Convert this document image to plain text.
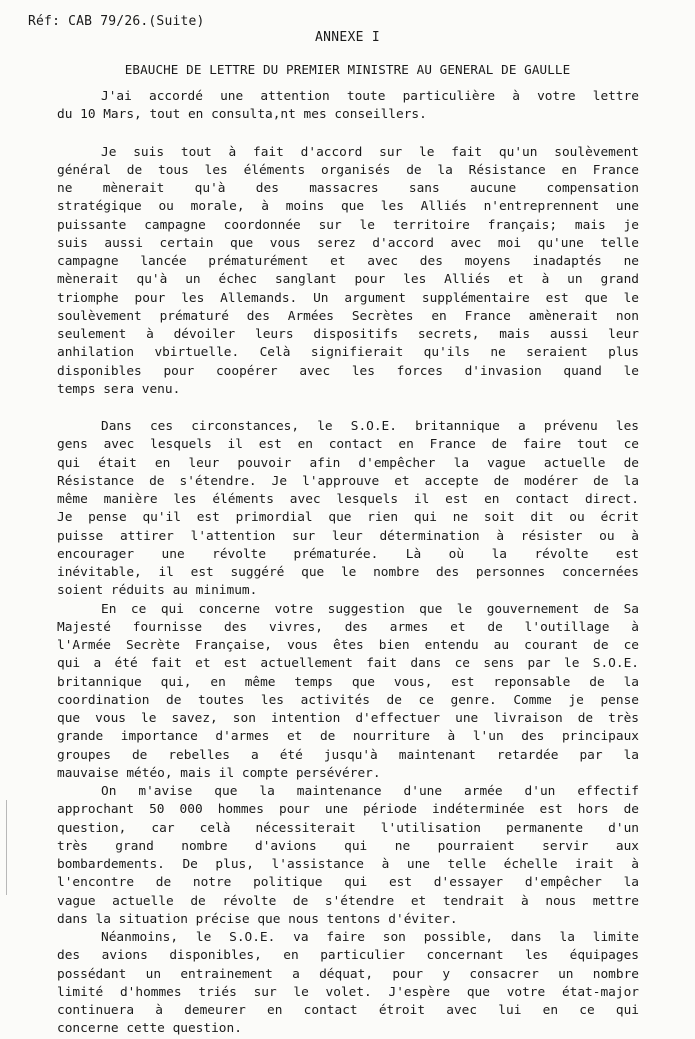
Réf: CAB 79/26.(Suite)
ANNEXE I
EBAUCHE DE LETTRE DU PREMIER MINISTRE AU GENERAL DE GAULLE
J'ai accordé une attention toute particulière à votre lettre
du 10 Mars, tout en consulta,nt mes conseillers.
Je suis tout à fait d'accord sur le fait qu'un soulèvement
général de tous les éléments organisés de la Résistance en France
ne mènerait qu'à des massacres sans aucune compensation
stratégique ou morale, à moins que les Alliés n'entreprennent une
puissante campagne coordonnée sur le territoire français; mais je
suis aussi certain que vous serez d'accord avec moi qu'une telle
campagne lancée prématurément et avec des moyens inadaptés ne
mènerait qu'à un échec sanglant pour les Alliés et à un grand
triomphe pour les Allemands. Un argument supplémentaire est que le
soulèvement prématuré des Armées Secrètes en France amènerait non
seulement à dévoiler leurs dispositifs secrets, mais aussi leur
anhilation vbirtuelle. Celà signifierait qu'ils ne seraient plus
disponibles pour coopérer avec les forces d'invasion quand le
temps sera venu.
Dans ces circonstances, le S.O.E. britannique a prévenu les
gens avec lesquels il est en contact en France de faire tout ce
qui était en leur pouvoir afin d'empêcher la vague actuelle de
Résistance de s'étendre. Je l'approuve et accepte de modérer de la
même manière les éléments avec lesquels il est en contact direct.
Je pense qu'il est primordial que rien qui ne soit dit ou écrit
puisse attirer l'attention sur leur détermination à résister ou à
encourager une révolte prématurée. Là où la révolte est
inévitable, il est suggéré que le nombre des personnes concernées
soient réduits au minimum.
En ce qui concerne votre suggestion que le gouvernement de Sa
Majesté fournisse des vivres, des armes et de l'outillage à
l'Armée Secrète Française, vous êtes bien entendu au courant de ce
qui a été fait et est actuellement fait dans ce sens par le S.O.E.
britannique qui, en même temps que vous, est reponsable de la
coordination de toutes les activités de ce genre. Comme je pense
que vous le savez, son intention d'effectuer une livraison de très
grande importance d'armes et de nourriture à l'un des principaux
groupes de rebelles a été jusqu'à maintenant retardée par la
mauvaise météo, mais il compte persévérer.
On m'avise que la maintenance d'une armée d'un effectif
approchant 50 000 hommes pour une période indéterminée est hors de
question, car celà nécessiterait l'utilisation permanente d'un
très grand nombre d'avions qui ne pourraient servir aux
bombardements. De plus, l'assistance à une telle échelle irait à
l'encontre de notre politique qui est d'essayer d'empêcher la
vague actuelle de révolte de s'étendre et tendrait à nous mettre
dans la situation précise que nous tentons d'éviter.
Néanmoins, le S.O.E. va faire son possible, dans la limite
des avions disponibles, en particulier concernant les équipages
possédant un entrainement a déquat, pour y consacrer un nombre
limité d'hommes triés sur le volet. J'espère que votre état-major
continuera à demeurer en contact étroit avec lui en ce qui
concerne cette question.
